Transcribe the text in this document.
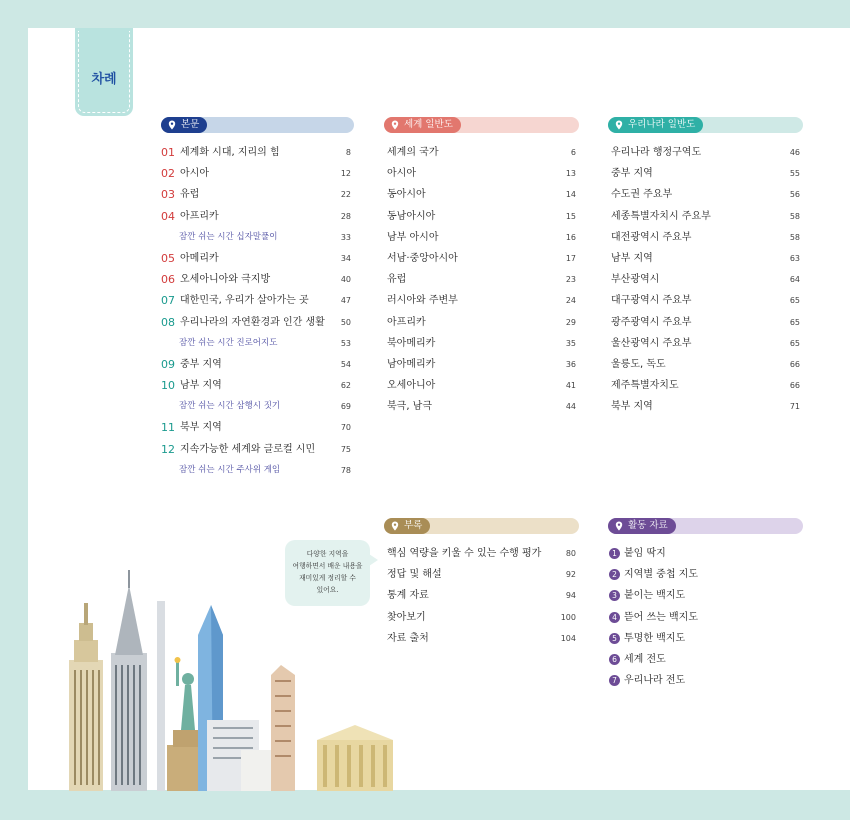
차례
본문
01 세계화 시대, 지리의 힘	8
02 아시아	12
03 유럽	22
04 아프리카	28
잠깐 쉬는 시간 십자말풀이	33
05 아메리카	34
06 오세아니아와 극지방	40
07 대한민국, 우리가 살아가는 곳	47
08 우리나라의 자연환경과 인간 생활 50
잠깐 쉬는 시간 진로어지도	53
09 중부 지역	54
10 남부 지역	62
잠깐 쉬는 시간 삼행시 짓기	69
11 북부 지역	70
12 지속가능한 세계와 글로컬 시민	75
잠깐 쉬는 시간 주사위 게임	78
세계 일반도
세계의 국가	6
아시아	13
동아시아	14
동남아시아	15
남부 아시아	16
서남·중앙아시아	17
유럽	23
러시아와 주변부	24
아프리카	29
북아메리카	35
남아메리카	36
오세아니아	41
북극, 남극	44
우리나라 일반도
우리나라 행정구역도	46
중부 지역	55
수도권 주요부	56
세종특별자치시 주요부	58
대전광역시 주요부	58
남부 지역	63
부산광역시	64
대구광역시 주요부	65
광주광역시 주요부	65
울산광역시 주요부	65
울릉도, 독도	66
제주특별자치도	66
북부 지역	71
부록
핵심 역량을 키울 수 있는 수행 평가	80
정답 및 해설	92
통계 자료	94
찾아보기	100
자료 출처	104
활동 자료
1 붙임 딱지
2 지역별 중첩 지도
3 붙이는 백지도
4 뜯어 쓰는 백지도
5 투명한 백지도
6 세계 전도
7 우리나라 전도
다양한 지역을
여행하면서 배운 내용을
재미있게 정리할 수
있어요.
